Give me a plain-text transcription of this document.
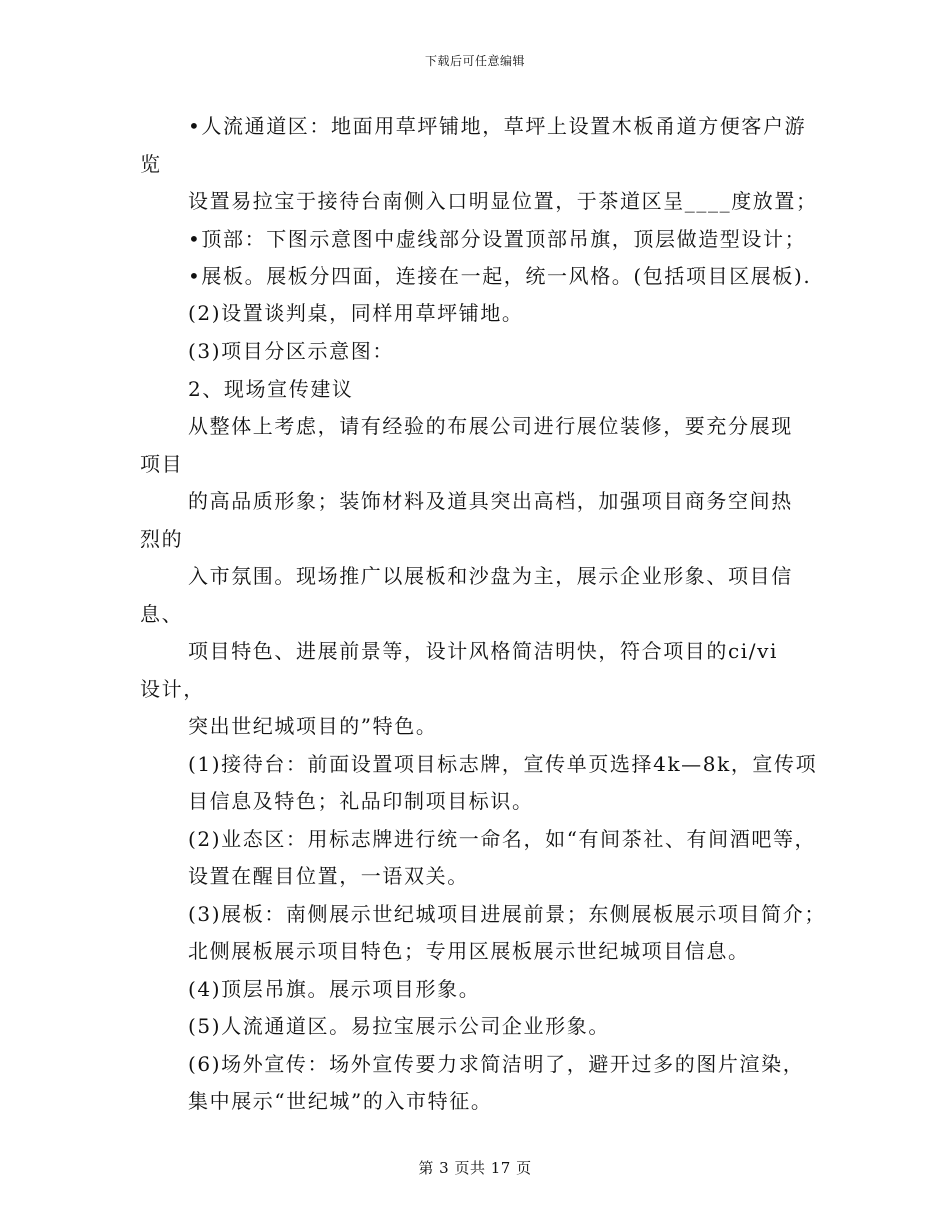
下载后可任意编辑
•人流通道区：地面用草坪铺地，草坪上设置木板甬道方便客户游
览
设置易拉宝于接待台南侧入口明显位置，于茶道区呈____度放置；
•顶部：下图示意图中虚线部分设置顶部吊旗，顶层做造型设计；
•展板。展板分四面，连接在一起，统一风格。(包括项目区展板).
(2)设置谈判桌，同样用草坪铺地。
(3)项目分区示意图：
2、现场宣传建议
从整体上考虑，请有经验的布展公司进行展位装修，要充分展现
项目
的高品质形象；装饰材料及道具突出高档，加强项目商务空间热
烈的
入市氛围。现场推广以展板和沙盘为主，展示企业形象、项目信
息、
项目特色、进展前景等，设计风格简洁明快，符合项目的ci/vi
设计，
突出世纪城项目的”特色。
(1)接待台：前面设置项目标志牌，宣传单页选择4k—8k，宣传项
目信息及特色；礼品印制项目标识。
(2)业态区：用标志牌进行统一命名，如“有间茶社、有间酒吧等，
设置在醒目位置，一语双关。
(3)展板：南侧展示世纪城项目进展前景；东侧展板展示项目简介；
北侧展板展示项目特色；专用区展板展示世纪城项目信息。
(4)顶层吊旗。展示项目形象。
(5)人流通道区。易拉宝展示公司企业形象。
(6)场外宣传：场外宣传要力求简洁明了，避开过多的图片渲染，
集中展示“世纪城”的入市特征。
第 3 页共 17 页
